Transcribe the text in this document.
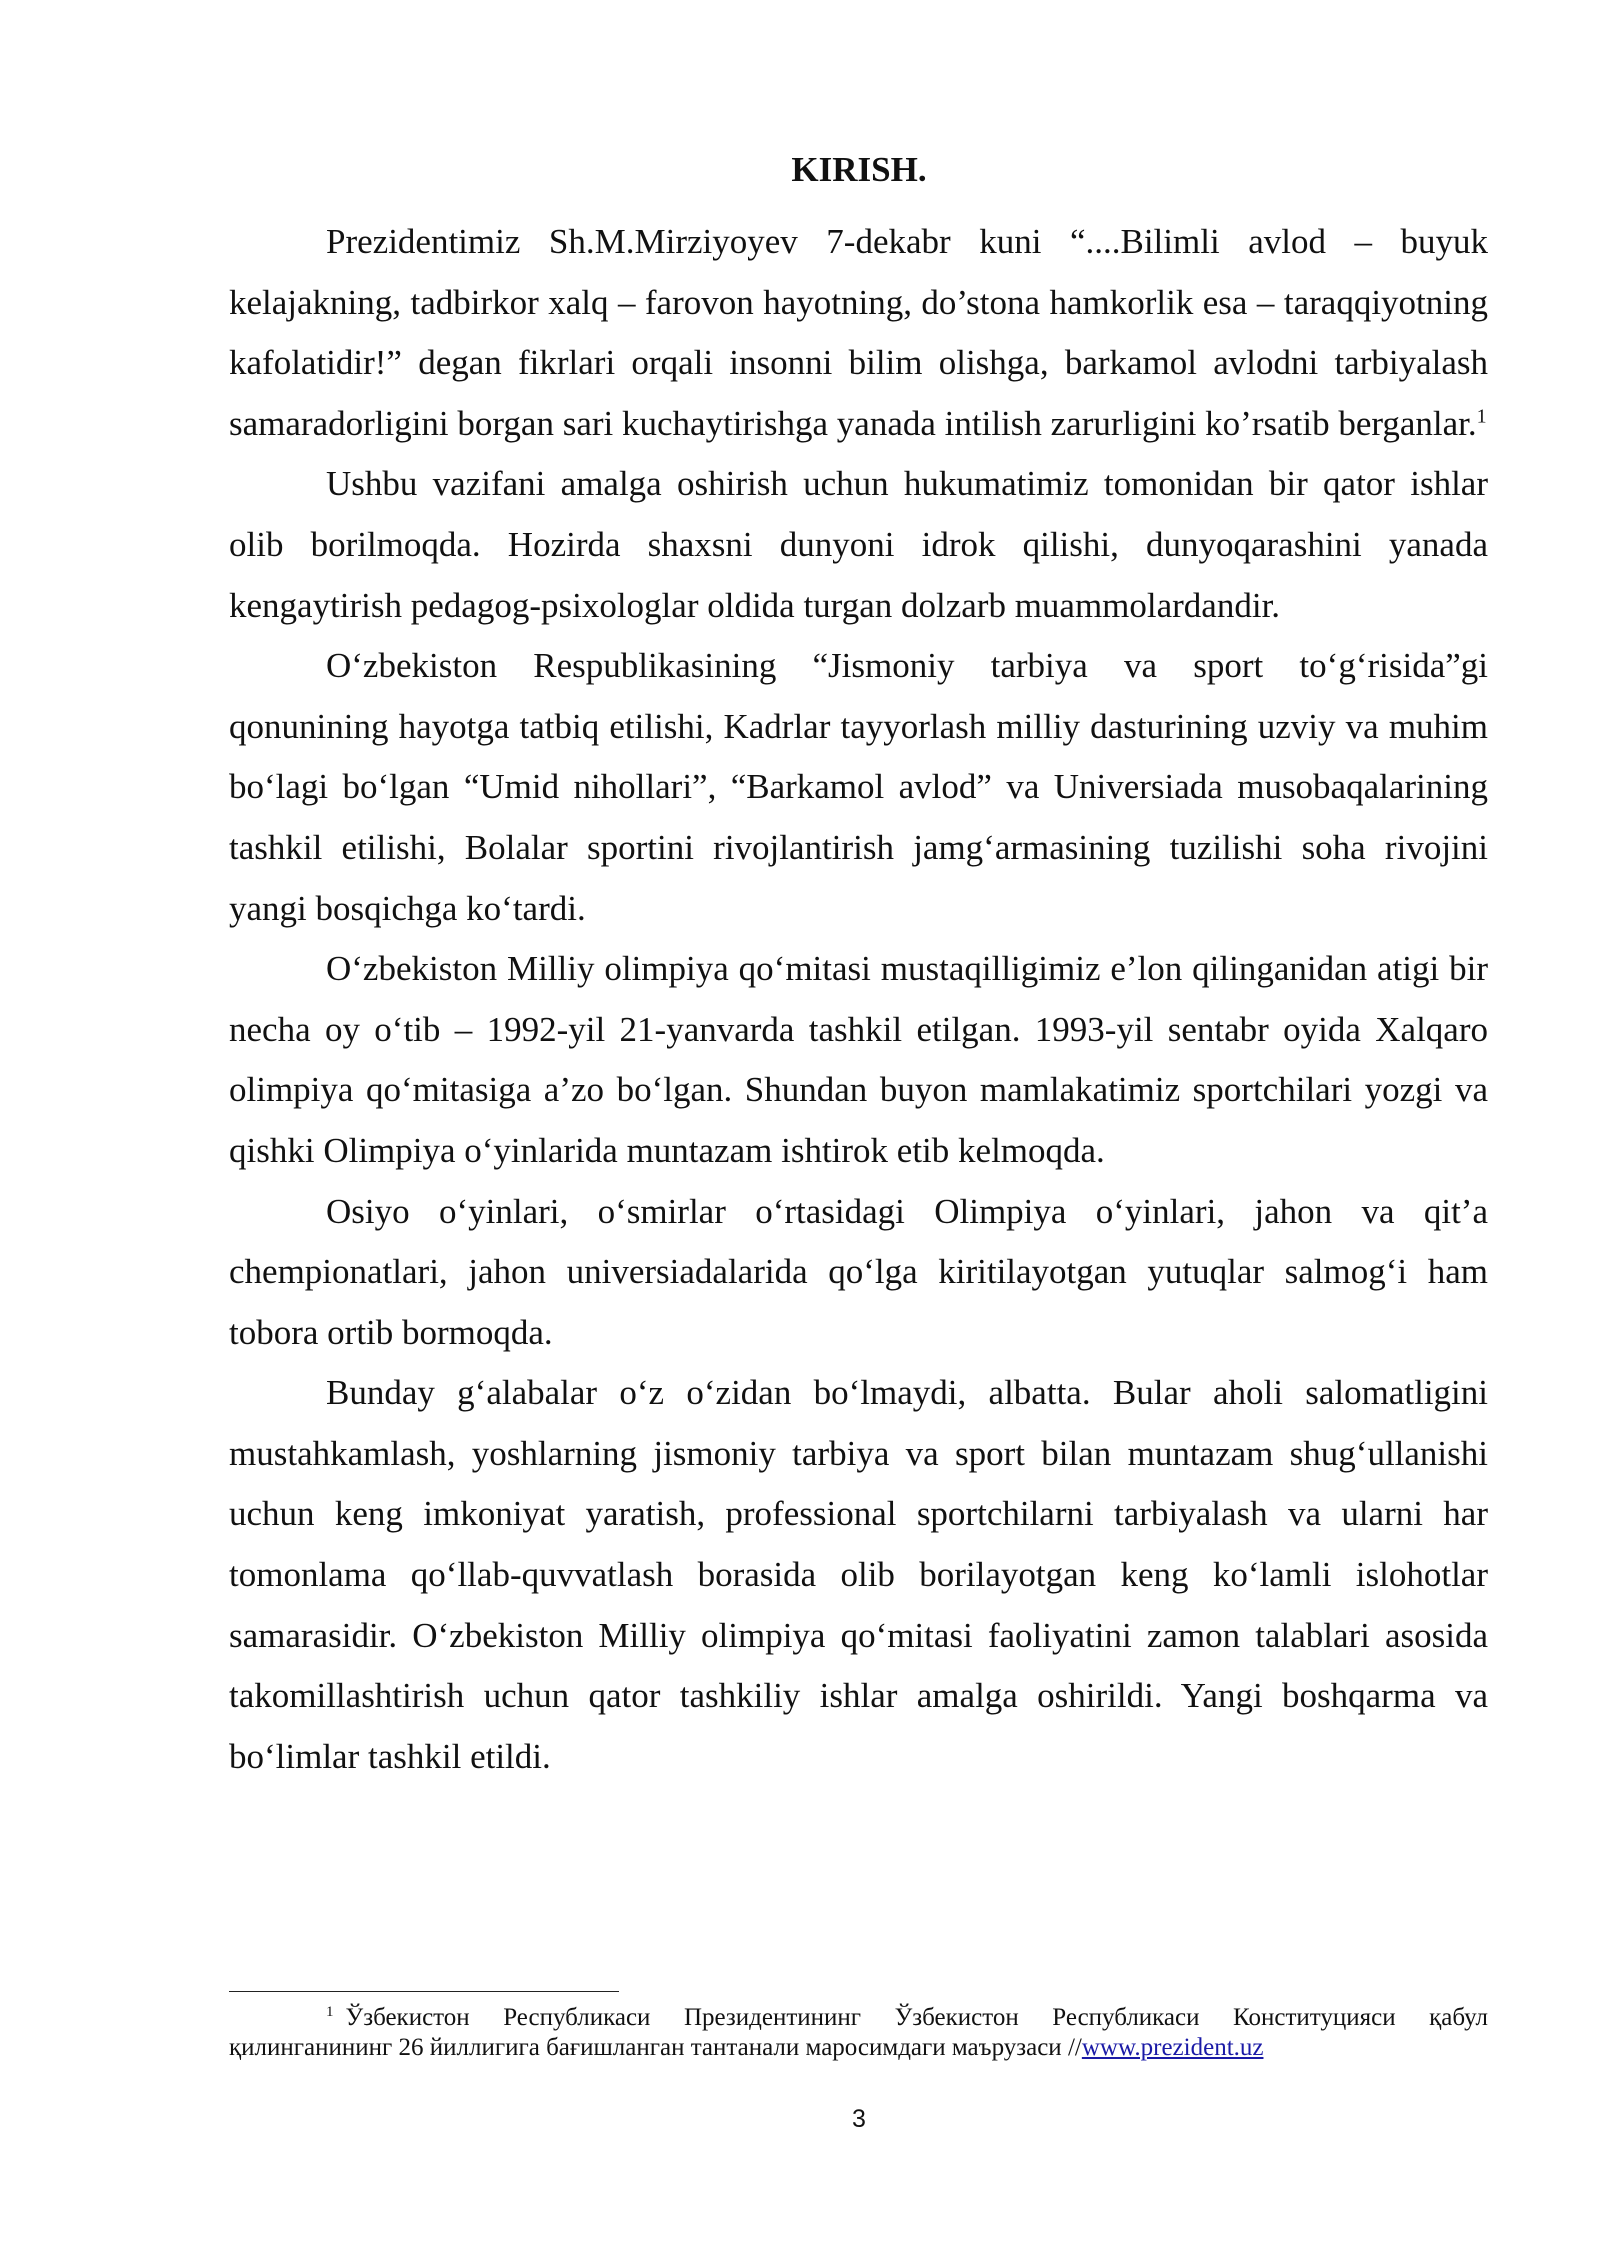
KIRISH.

Prezidentimiz Sh.M.Mirziyoyev 7-dekabr kuni “....Bilimli avlod – buyuk kelajakning, tadbirkor xalq – farovon hayotning, do’stona hamkorlik esa – taraqqiyotning kafolatidir!” degan fikrlari orqali insonni bilim olishga, barkamol avlodni tarbiyalash samaradorligini borgan sari kuchaytirishga yanada intilish zarurligini ko’rsatib berganlar.$^1$

Ushbu vazifani amalga oshirish uchun hukumatimiz tomonidan bir qator ishlar olib borilmoqda. Hozirda shaxsni dunyoni idrok qilishi, dunyoqarashini yanada kengaytirish pedagog-psixologlar oldida turgan dolzarb muammolardandir.

O‘zbekiston Respublikasining “Jismoniy tarbiya va sport to‘g‘risida”gi qonunining hayotga tatbiq etilishi, Kadrlar tayyorlash milliy dasturining uzviy va muhim bo‘lagi bo‘lgan “Umid nihollari”, “Barkamol avlod” va Universiada musobaqalarining tashkil etilishi, Bolalar sportini rivojlantirish jamg‘armasining tuzilishi soha rivojini yangi bosqichga ko‘tardi.

O‘zbekiston Milliy olimpiya qo‘mitasi mustaqilligimiz e’lon qilinganidan atigi bir necha oy o‘tib – 1992-yil 21-yanvarda tashkil etilgan. 1993-yil sentabr oyida Xalqaro olimpiya qo‘mitasiga a’zo bo‘lgan. Shundan buyon mamlakatimiz sportchilari yozgi va qishki Olimpiya o‘yinlarida muntazam ishtirok etib kelmoqda.

Osiyo o‘yinlari, o‘smirlar o‘rtasidagi Olimpiya o‘yinlari, jahon va qit’a chempionatlari, jahon universiadalarida qo‘lga kiritilayotgan yutuqlar salmog‘i ham tobora ortib bormoqda.

Bunday g‘alabalar o‘z o‘zidan bo‘lmaydi, albatta. Bular aholi salomatligini mustahkamlash, yoshlarning jismoniy tarbiya va sport bilan muntazam shug‘ullanishi uchun keng imkoniyat yaratish, professional sportchilarni tarbiyalash va ularni har tomonlama qo‘llab-quvvatlash borasida olib borilayotgan keng ko‘lamli islohotlar samarasidir. O‘zbekiston Milliy olimpiya qo‘mitasi faoliyatini zamon talablari asosida takomillashtirish uchun qator tashkiliy ishlar amalga oshirildi. Yangi boshqarma va bo‘limlar tashkil etildi.

$^1$ Ўзбекистон Республикаси Президентининг Ўзбекистон Республикаси Конституцияси қабул қилинганининг 26 йиллигига бағишланган тантанали маросимдаги маърузаси //www.prezident.uz

3
